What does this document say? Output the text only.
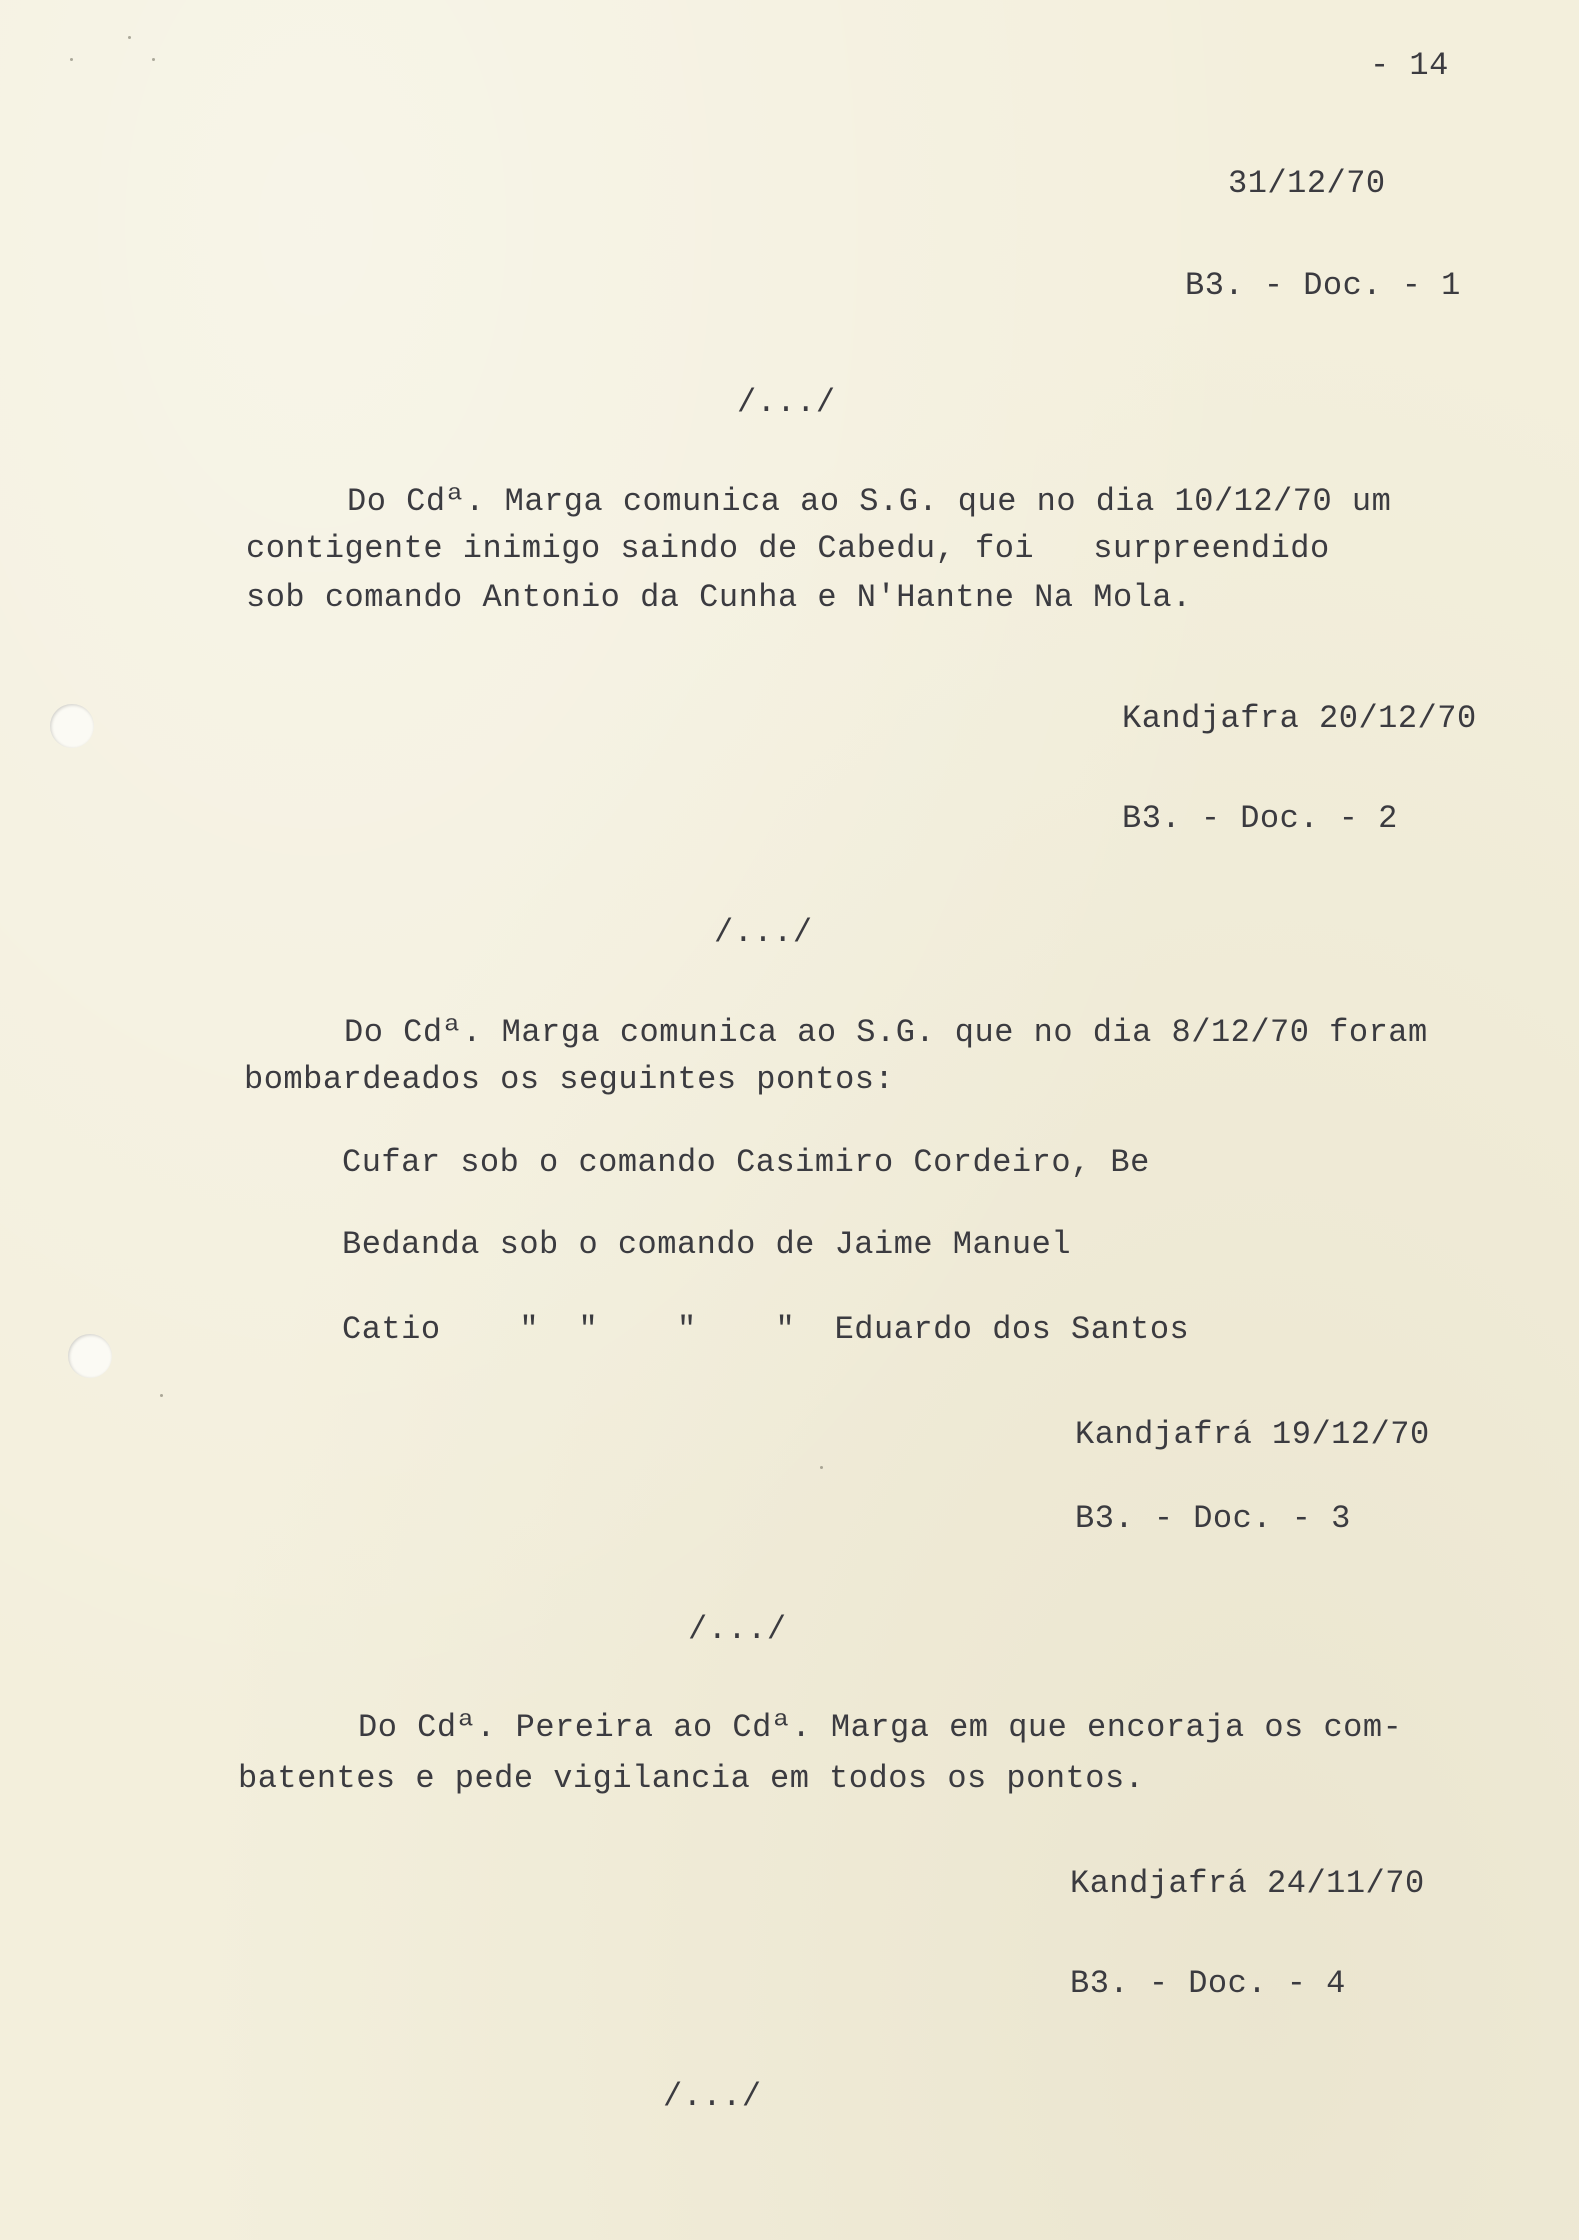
- 14
31/12/70
B3. - Doc. - 1
/.../
Do Cdª. Marga comunica ao S.G. que no dia 10/12/70 um
contigente inimigo saindo de Cabedu, foi   surpreendido
sob comando Antonio da Cunha e N'Hantne Na Mola.
Kandjafra 20/12/70
B3. - Doc. - 2
/.../
Do Cdª. Marga comunica ao S.G. que no dia 8/12/70 foram
bombardeados os seguintes pontos:
Cufar sob o comando Casimiro Cordeiro, Be
Bedanda sob o comando de Jaime Manuel
Catio    "  "    "    "  Eduardo dos Santos
Kandjafrá 19/12/70
B3. - Doc. - 3
/.../
Do Cdª. Pereira ao Cdª. Marga em que encoraja os com-
batentes e pede vigilancia em todos os pontos.
Kandjafrá 24/11/70
B3. - Doc. - 4
/.../
